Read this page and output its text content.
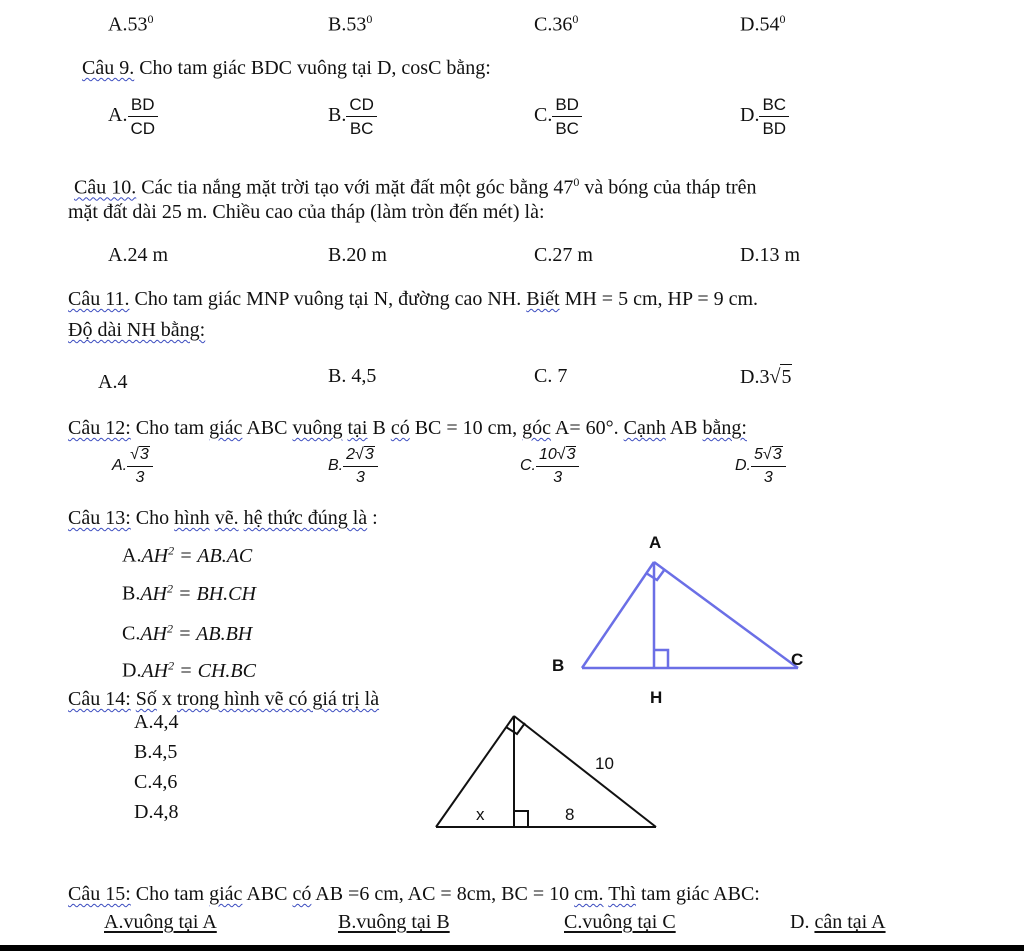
$A.53^0$	$B.53^0$	$C.36^0$	$D.54^0$
Câu 9. Cho tam giác BDC vuông tại D, cosC bằng:
A. $\frac{BD}{CD}$	B. $\frac{CD}{BC}$	C. $\frac{BD}{BC}$	D. $\frac{BC}{BD}$
Câu 10. Các tia nắng mặt trời tạo với mặt đất một góc bằng $47^0$ và bóng của tháp trên
mặt đất dài 25 m. Chiều cao của tháp (làm tròn đến mét) là:
A.24 m	B.20 m	C.27 m	D.13 m
Câu 11. Cho tam giác MNP vuông tại N, đường cao NH. Biết MH = 5 cm, HP = 9 cm.
Độ dài NH bằng:
A.4	B. 4,5	C. 7	D.3√5
Câu 12: Cho tam giác ABC vuông tại B có BC = 10 cm, góc A= 60°. Cạnh AB bằng:
A. $\frac{√3}{3}$	B. $\frac{2√3}{3}$	C. $\frac{10√3}{3}$	D. $\frac{5√3}{3}$
Câu 13: Cho hình vẽ. hệ thức đúng là :
$A.AH^2 = AB.AC$
$B.AH^2 = BH.CH$
$C.AH^2 = AB.BH$
$D.AH^2 = CH.BC$
A
B	C
H
Câu 14: Số x trong hình vẽ có giá trị là
A.4,4
B.4,5
C.4,6
D.4,8
10
x	8
Câu 15: Cho tam giác ABC có AB =6 cm, AC = 8cm, BC = 10 cm. Thì tam giác ABC:
A.vuông tại A	B.vuông tại B	C.vuông tại C	D. cân tại A
